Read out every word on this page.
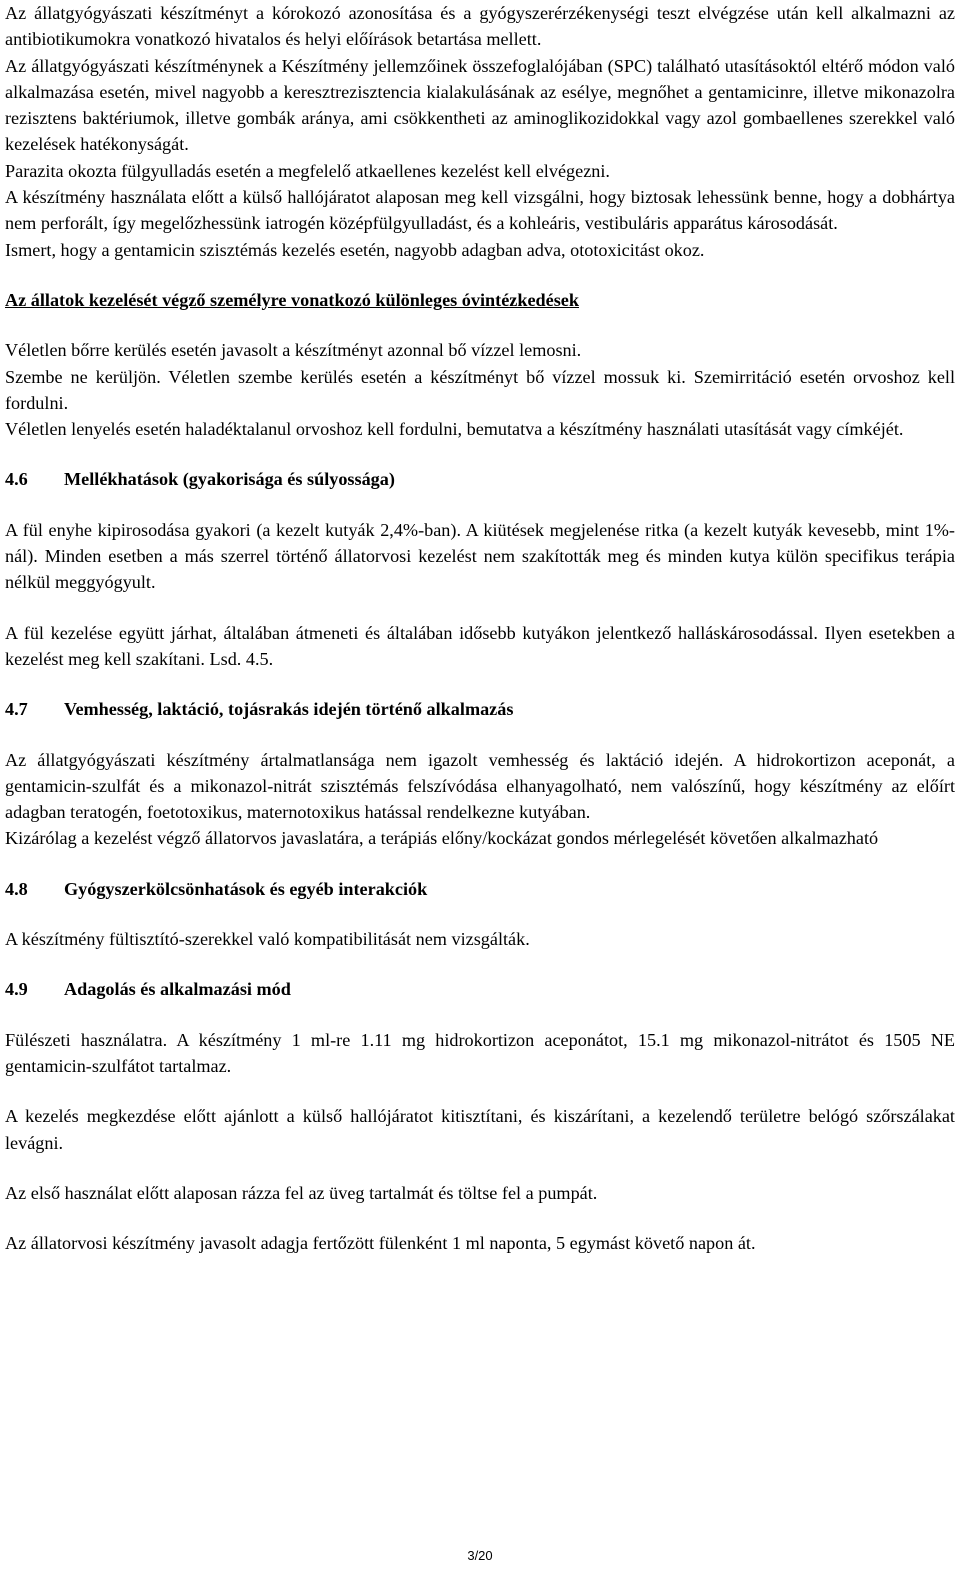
Az állatgyógyászati készítményt a kórokozó azonosítása és a gyógyszerérzékenységi teszt elvégzése után kell alkalmazni az antibiotikumokra vonatkozó hivatalos és helyi előírások betartása mellett.

Az állatgyógyászati készítménynek a Készítmény jellemzőinek összefoglalójában (SPC) található utasításoktól eltérő módon való alkalmazása esetén, mivel nagyobb a keresztrezisztencia kialakulásának az esélye, megnőhet a gentamicinre, illetve mikonazolra rezisztens baktériumok, illetve gombák aránya, ami csökkentheti az aminoglikozidokkal vagy azol gombaellenes szerekkel való kezelések hatékonyságát.

Parazita okozta fülgyulladás esetén a megfelelő atkaellenes kezelést kell elvégezni.

A készítmény használata előtt a külső hallójáratot alaposan meg kell vizsgálni, hogy biztosak lehessünk benne, hogy a dobhártya nem perforált, így megelőzhessünk iatrogén középfülgyulladást, és a kohleáris, vestibuláris apparátus károsodását.

Ismert, hogy a gentamicin szisztémás kezelés esetén, nagyobb adagban adva, ototoxicitást okoz.

Az állatok kezelését végző személyre vonatkozó különleges óvintézkedések

Véletlen bőrre kerülés esetén javasolt a készítményt azonnal bő vízzel lemosni.

Szembe ne kerüljön. Véletlen szembe kerülés esetén a készítményt bő vízzel mossuk ki. Szemirritáció esetén orvoshoz kell fordulni.

Véletlen lenyelés esetén haladéktalanul orvoshoz kell fordulni, bemutatva a készítmény használati utasítását vagy címkéjét.

4.6 Mellékhatások (gyakorisága és súlyossága)

A fül enyhe kipirosodása gyakori (a kezelt kutyák 2,4%-ban). A kiütések megjelenése ritka (a kezelt kutyák kevesebb, mint 1%-nál). Minden esetben a más szerrel történő állatorvosi kezelést nem szakították meg és minden kutya külön specifikus terápia nélkül meggyógyult.

A fül kezelése együtt járhat, általában átmeneti és általában idősebb kutyákon jelentkező halláskárosodással. Ilyen esetekben a kezelést meg kell szakítani. Lsd. 4.5.

4.7 Vemhesség, laktáció, tojásrakás idején történő alkalmazás

Az állatgyógyászati készítmény ártalmatlansága nem igazolt vemhesség és laktáció idején. A hidrokortizon aceponát, a gentamicin-szulfát és a mikonazol-nitrát szisztémás felszívódása elhanyagolható, nem valószínű, hogy készítmény az előírt adagban teratogén, foetotoxikus, maternotoxikus hatással rendelkezne kutyában.

Kizárólag a kezelést végző állatorvos javaslatára, a terápiás előny/kockázat gondos mérlegelését követően alkalmazható

4.8 Gyógyszerkölcsönhatások és egyéb interakciók

A készítmény fültisztító-szerekkel való kompatibilitását nem vizsgálták.

4.9 Adagolás és alkalmazási mód

Fülészeti használatra. A készítmény 1 ml-re 1.11 mg hidrokortizon aceponátot, 15.1 mg mikonazol-nitrátot és 1505 NE gentamicin-szulfátot tartalmaz.

A kezelés megkezdése előtt ajánlott a külső hallójáratot kitisztítani, és kiszárítani, a kezelendő területre belógó szőrszálakat levágni.

Az első használat előtt alaposan rázza fel az üveg tartalmát és töltse fel a pumpát.

Az állatorvosi készítmény javasolt adagja fertőzött fülenként 1 ml naponta, 5 egymást követő napon át.

3/20
